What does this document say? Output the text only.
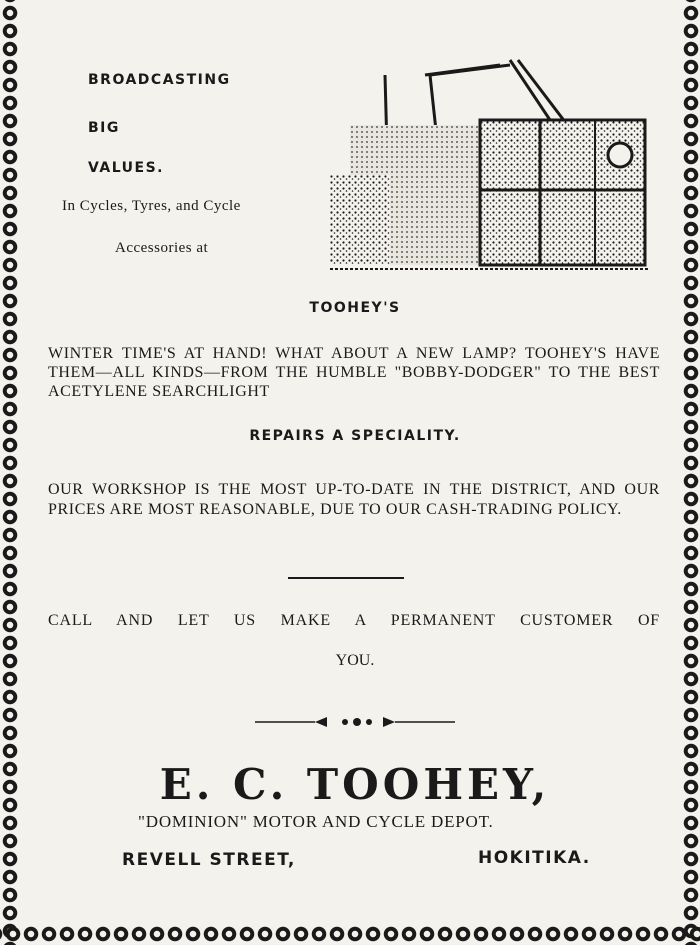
BROADCASTING
BIG
VALUES.
In Cycles, Tyres, and Cycle
Accessories at
TOOHEY'S
WINTER TIME'S AT HAND! WHAT ABOUT A NEW LAMP? TOOHEY'S HAVE THEM—ALL KINDS—FROM THE HUMBLE "BOBBY-DODGER" TO THE BEST ACETYLENE SEARCHLIGHT
REPAIRS A SPECIALITY.
OUR WORKSHOP IS THE MOST UP-TO-DATE IN THE DISTRICT, AND OUR PRICES ARE MOST REASONABLE, DUE TO OUR CASH-TRADING POLICY.
CALL AND LET US MAKE A PERMANENT CUSTOMER OF
YOU.
E. C. TOOHEY,
"DOMINION" MOTOR AND CYCLE DEPOT.
REVELL STREET,	HOKITIKA.
